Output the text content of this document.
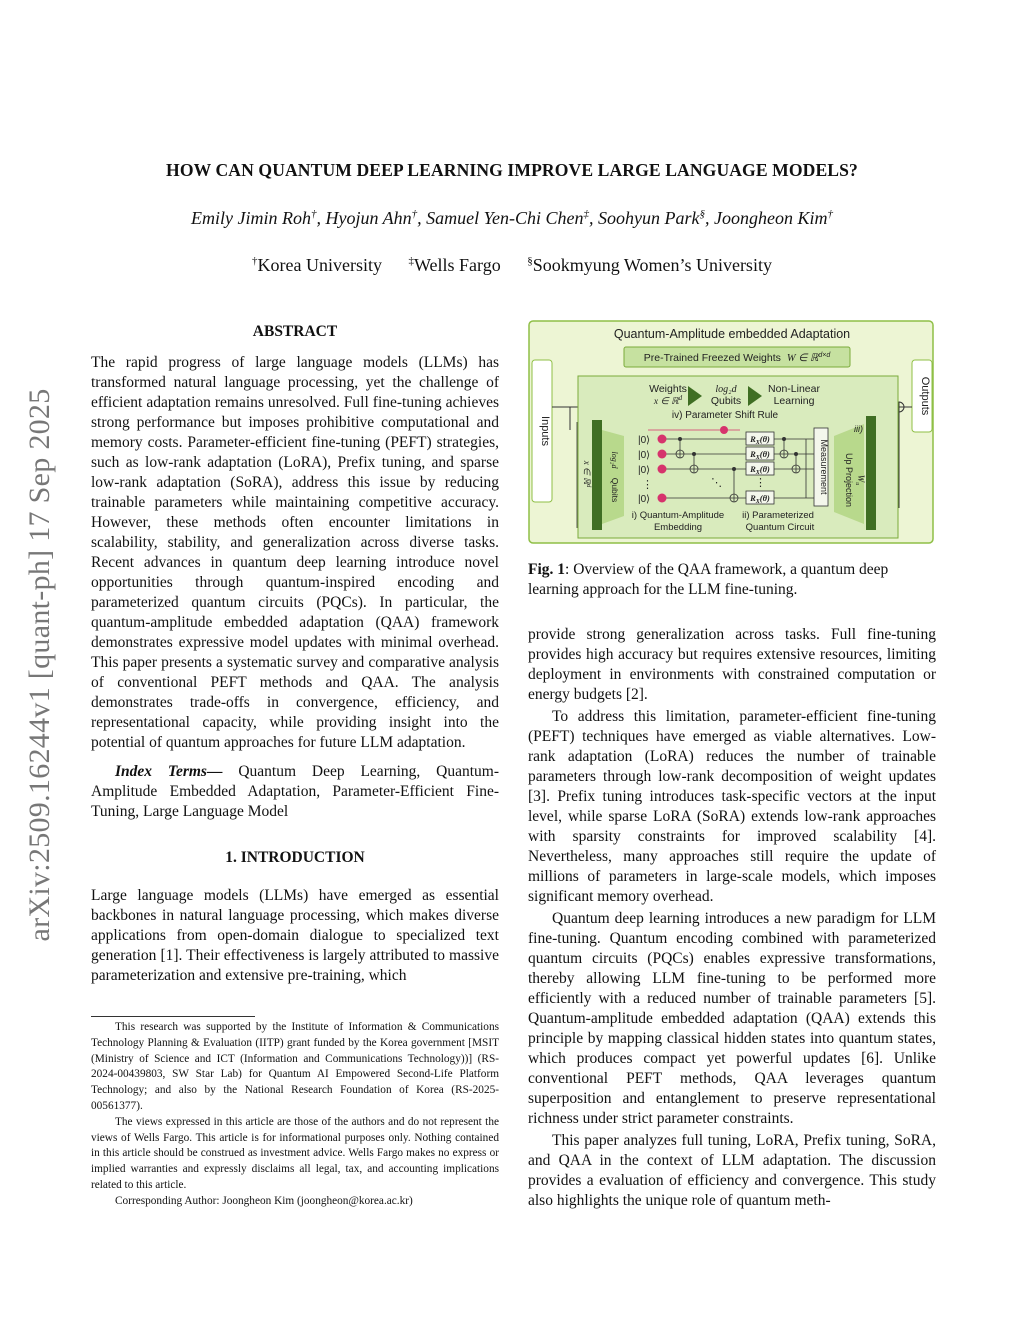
arXiv:2509.16244v1 [quant-ph] 17 Sep 2025
HOW CAN QUANTUM DEEP LEARNING IMPROVE LARGE LANGUAGE MODELS?
Emily Jimin Roh†, Hyojun Ahn†, Samuel Yen-Chi Chen‡, Soohyun Park§, Joongheon Kim†
†Korea University ‡Wells Fargo §Sookmyung Women’s University

ABSTRACT

The rapid progress of large language models (LLMs) has transformed natural language processing, yet the challenge of efficient adaptation remains unresolved. Full fine-tuning achieves strong performance but imposes prohibitive computational and memory costs. Parameter-efficient fine-tuning (PEFT) strategies, such as low-rank adaptation (LoRA), Prefix tuning, and sparse low-rank adaptation (SoRA), address this issue by reducing trainable parameters while maintaining competitive accuracy. However, these methods often encounter limitations in scalability, stability, and generalization across diverse tasks. Recent advances in quantum deep learning introduce novel opportunities through quantum-inspired encoding and parameterized quantum circuits (PQCs). In particular, the quantum-amplitude embedded adaptation (QAA) framework demonstrates expressive model updates with minimal overhead. This paper presents a systematic survey and comparative analysis of conventional PEFT methods and QAA. The analysis demonstrates trade-offs in convergence, efficiency, and representational capacity, while providing insight into the potential of quantum approaches for future LLM adaptation.

Index Terms— Quantum Deep Learning, Quantum-Amplitude Embedded Adaptation, Parameter-Efficient Fine-Tuning, Large Language Model

1. INTRODUCTION

Large language models (LLMs) have emerged as essential backbones in natural language processing, which makes diverse applications from open-domain dialogue to specialized text generation [1]. Their effectiveness is largely attributed to massive parameterization and extensive pre-training, which

This research was supported by the Institute of Information & Communications Technology Planning & Evaluation (IITP) grant funded by the Korea government [MSIT (Ministry of Science and ICT (Information and Communications Technology))] (RS-2024-00439803, SW Star Lab) for Quantum AI Empowered Second-Life Platform Technology; and also by the National Research Foundation of Korea (RS-2025-00561377).

The views expressed in this article are those of the authors and do not represent the views of Wells Fargo. This article is for informational purposes only. Nothing contained in this article should be construed as investment advice. Wells Fargo makes no express or implied warranties and expressly disclaims all legal, tax, and accounting implications related to this article.

Corresponding Author: Joongheon Kim (joongheon@korea.ac.kr)

Quantum-Amplitude embedded Adaptation
Pre-Trained Freezed Weights W ∈ ℝ$^{d\times d}$
Inputs
Outputs
Weights
x ∈ ℝ$^d$
log₂d
Qubits
Non-Linear
Learning
iv) Parameter Shift Rule
x ∈ ℝ$^d$
log₂d
Qubits
|0⟩
|0⟩
|0⟩
|0⟩
⋮	⋱
$R_X(\theta)$
$R_X(\theta)$
$R_X(\theta)$
$R_X(\theta)$
⋮	Measurement
iii)
Up Projection $W_u$
i) Quantum-Amplitude
Embedding
ii) Parameterized
Quantum Circuit
Fig. 1: Overview of the QAA framework, a quantum deep learning approach for the LLM fine-tuning.

provide strong generalization across tasks. Full fine-tuning provides high accuracy but requires extensive resources, limiting deployment in environments with constrained computation or energy budgets [2].

To address this limitation, parameter-efficient fine-tuning (PEFT) techniques have emerged as viable alternatives. Low-rank adaptation (LoRA) reduces the number of trainable parameters through low-rank decomposition of weight updates [3]. Prefix tuning introduces task-specific vectors at the input level, while sparse LoRA (SoRA) extends low-rank approaches with sparsity constraints for improved scalability [4]. Nevertheless, many approaches still require the update of millions of parameters in large-scale models, which imposes significant memory overhead.

Quantum deep learning introduces a new paradigm for LLM fine-tuning. Quantum encoding combined with parameterized quantum circuits (PQCs) enables expressive transformations, thereby allowing LLM fine-tuning to be performed more efficiently with a reduced number of trainable parameters [5]. Quantum-amplitude embedded adaptation (QAA) extends this principle by mapping classical hidden states into quantum states, which produces compact yet powerful updates [6]. Unlike conventional PEFT methods, QAA leverages quantum superposition and entanglement to preserve representational richness under strict parameter constraints.

This paper analyzes full tuning, LoRA, Prefix tuning, SoRA, and QAA in the context of LLM adaptation. The discussion provides a evaluation of efficiency and convergence. This study also highlights the unique role of quantum meth-
